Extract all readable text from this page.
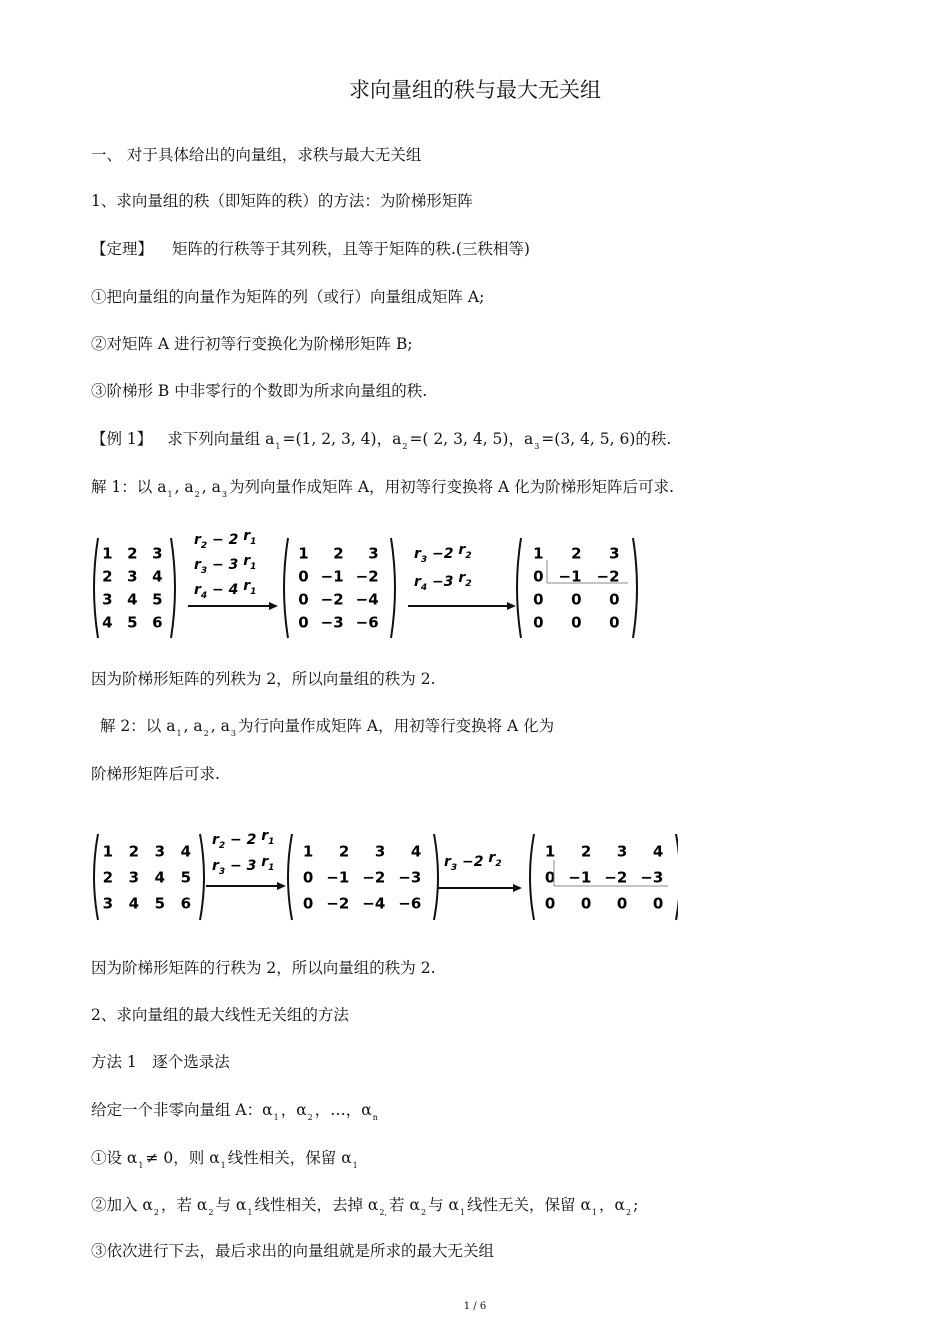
求向量组的秩与最大无关组
一、 对于具体给出的向量组，求秩与最大无关组
1、求向量组的秩（即矩阵的秩）的方法：为阶梯形矩阵
【定理】 矩阵的行秩等于其列秩，且等于矩阵的秩.(三秩相等)
①把向量组的向量作为矩阵的列（或行）向量组成矩阵 A;
②对矩阵 A 进行初等行变换化为阶梯形矩阵 B;
③阶梯形 B 中非零行的个数即为所求向量组的秩.
【例 1】 求下列向量组 $a_1 =(1$, 2, 3, 4)，$a_2$ =( 2, 3, 4, 5)，$a_3 =(3$, 4, 5, 6)的秩.
解 1：以 $a_1$ , $a_2$ , $a_3$ 为列向量作成矩阵 A，用初等行变换将 A 化为阶梯形矩阵后可求.
1 2 3
2 3 4
3 4 5
4 5 6
$r_2 - 2$ $r_1$
$r_3 - 3$ $r_1$
$r_4 - 4$ $r_1$
1 2 3
0 −1 −2
0 −2 −4
0 −3 −6
$r_3 -2$ $r_2$
$r_4 -3$ $r_2$
1 2 3
0 −1 −2
0 0 0
0 0 0
因为阶梯形矩阵的列秩为 2，所以向量组的秩为 2.
解 2：以 $a_1$ , $a_2$ , $a_3$ 为行向量作成矩阵 A，用初等行变换将 A 化为
阶梯形矩阵后可求.
1 2 3 4
2 3 4 5
3 4 5 6
$r_2 - 2$ $r_1$
$r_3 - 3$ $r_1$
1 2 3 4
0 −1 −2 −3
0 −2 −4 −6
$r_3 -2$ $r_2$
1 2 3 4
0 −1 −2 −3
0 0 0 0
因为阶梯形矩阵的行秩为 2，所以向量组的秩为 2.
2、求向量组的最大线性无关组的方法
方法 1　逐个选录法
给定一个非零向量组 A：$\alpha_1$ ，$\alpha_2$ ，…，$\alpha_n$
①设 $\alpha_1 \ne 0$，则 $\alpha_1$ 线性相关，保留 $\alpha_1$
②加入 $\alpha_2$ ，若 $\alpha_2$ 与 $\alpha_1$ 线性相关，去掉 $\alpha_{2,}$ 若 $\alpha_2$ 与 $\alpha_1$ 线性无关，保留 $\alpha_1$ ，$\alpha_2$ ;
③依次进行下去，最后求出的向量组就是所求的最大无关组
1 / 6
